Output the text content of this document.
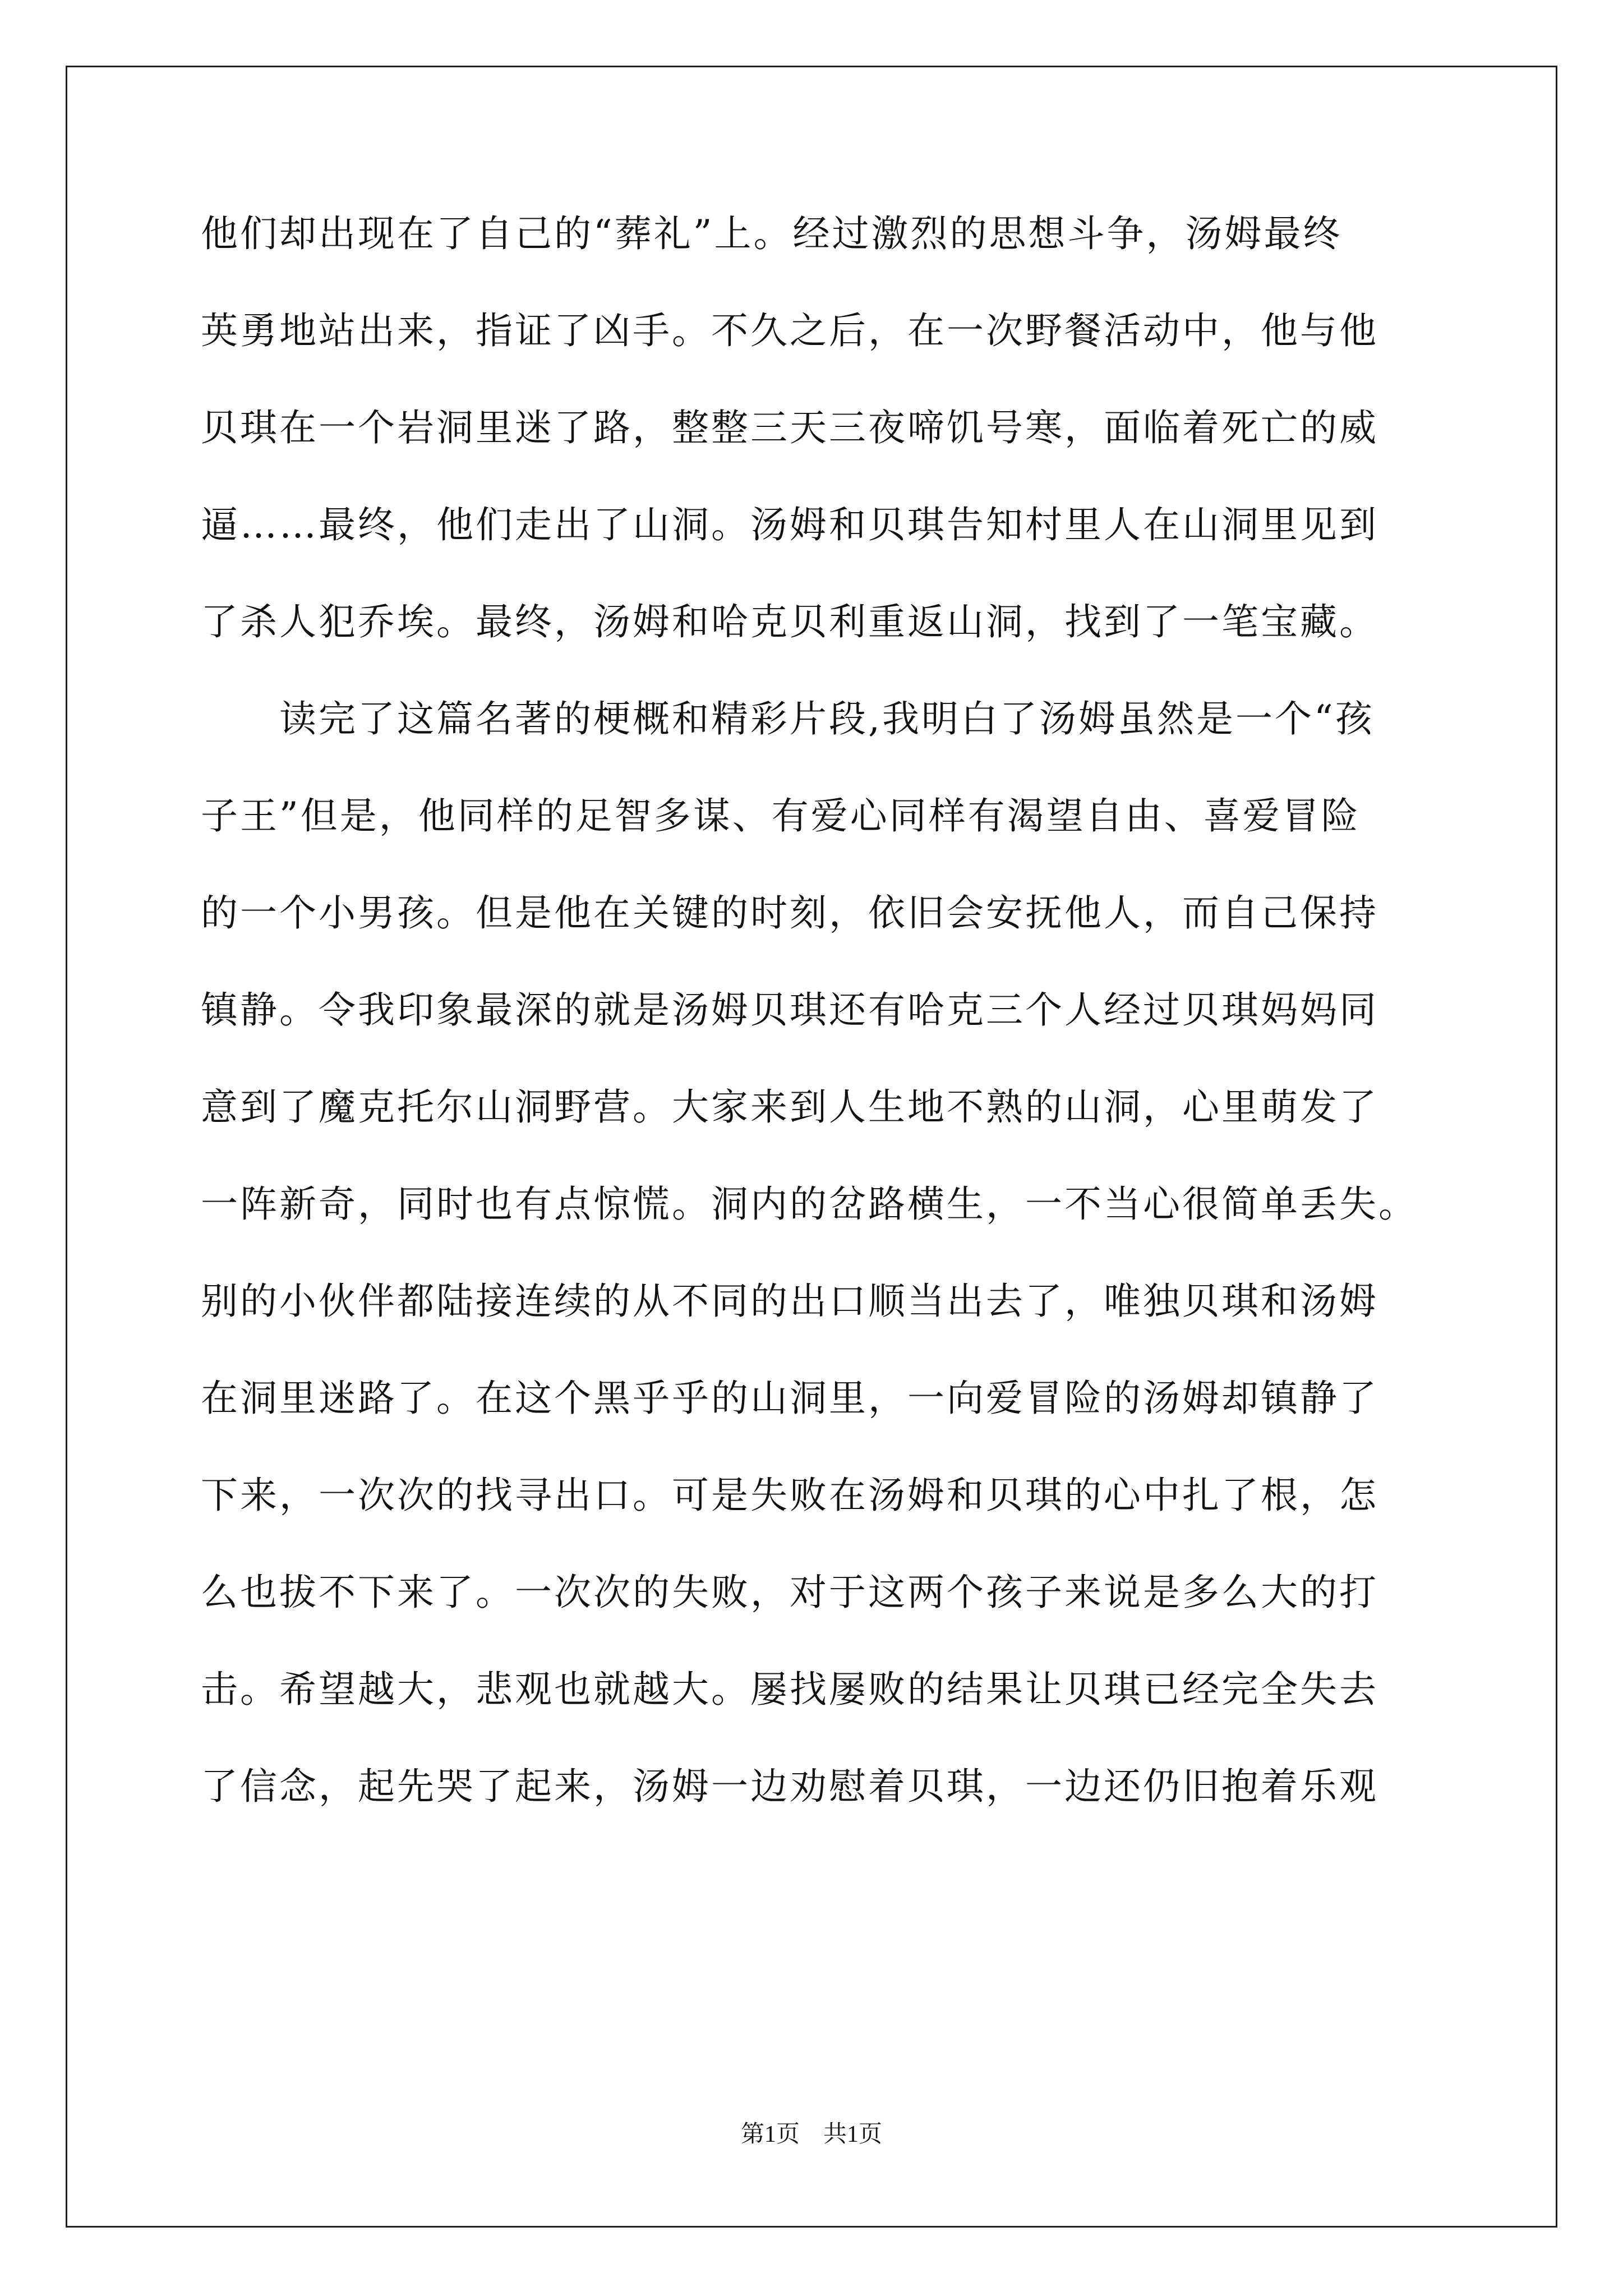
他们却出现在了自己的“葬礼”上。经过激烈的思想斗争，汤姆最终
英勇地站出来，指证了凶手。不久之后，在一次野餐活动中，他与他
贝琪在一个岩洞里迷了路，整整三天三夜啼饥号寒，面临着死亡的威
逼……最终，他们走出了山洞。汤姆和贝琪告知村里人在山洞里见到
了杀人犯乔埃。最终，汤姆和哈克贝利重返山洞，找到了一笔宝藏。
读完了这篇名著的梗概和精彩片段,我明白了汤姆虽然是一个“孩
子王”但是，他同样的足智多谋、有爱心同样有渴望自由、喜爱冒险
的一个小男孩。但是他在关键的时刻，依旧会安抚他人，而自己保持
镇静。令我印象最深的就是汤姆贝琪还有哈克三个人经过贝琪妈妈同
意到了魔克托尔山洞野营。大家来到人生地不熟的山洞，心里萌发了
一阵新奇，同时也有点惊慌。洞内的岔路横生，一不当心很简单丢失。
别的小伙伴都陆接连续的从不同的出口顺当出去了，唯独贝琪和汤姆
在洞里迷路了。在这个黑乎乎的山洞里，一向爱冒险的汤姆却镇静了
下来，一次次的找寻出口。可是失败在汤姆和贝琪的心中扎了根，怎
么也拔不下来了。一次次的失败，对于这两个孩子来说是多么大的打
击。希望越大，悲观也就越大。屡找屡败的结果让贝琪已经完全失去
了信念，起先哭了起来，汤姆一边劝慰着贝琪，一边还仍旧抱着乐观
第1页　共1页
